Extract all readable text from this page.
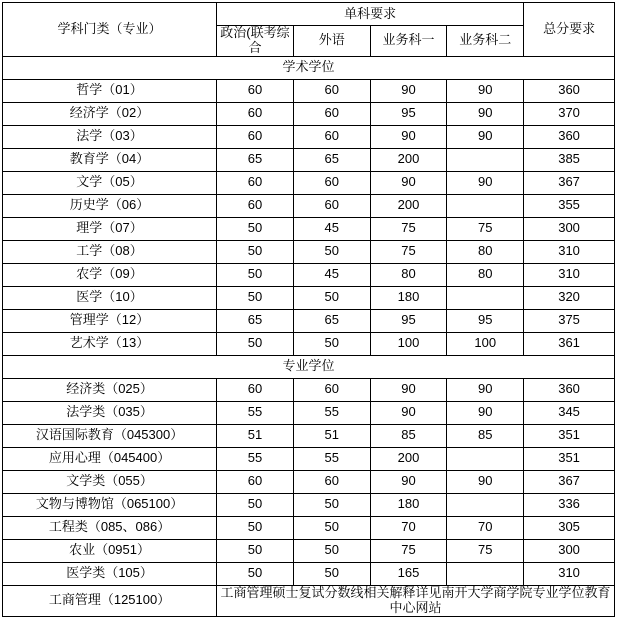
学科门类（专业）	单科要求				总分要求
	政治(联考综合	外语	业务科一	业务科二	
学术学位					
哲学（01）	60	60	90	90	360
经济学（02）	60	60	95	90	370
法学（03）	60	60	90	90	360
教育学（04）	65	65	200		385
文学（05）	60	60	90	90	367
历史学（06）	60	60	200		355
理学（07）	50	45	75	75	300
工学（08）	50	50	75	80	310
农学（09）	50	45	80	80	310
医学（10）	50	50	180		320
管理学（12）	65	65	95	95	375
艺术学（13）	50	50	100	100	361
专业学位					
经济类（025）	60	60	90	90	360
法学类（035）	55	55	90	90	345
汉语国际教育（045300）	51	51	85	85	351
应用心理（045400）	55	55	200		351
文学类（055）	60	60	90	90	367
文物与博物馆（065100）	50	50	180		336
工程类（085、086）	50	50	70	70	305
农业（0951）	50	50	75	75	300
医学类（105）	50	50	165		310
工商管理（125100）	工商管理硕士复试分数线相关解释详见南开大学商学院专业学位教育中心网站				
